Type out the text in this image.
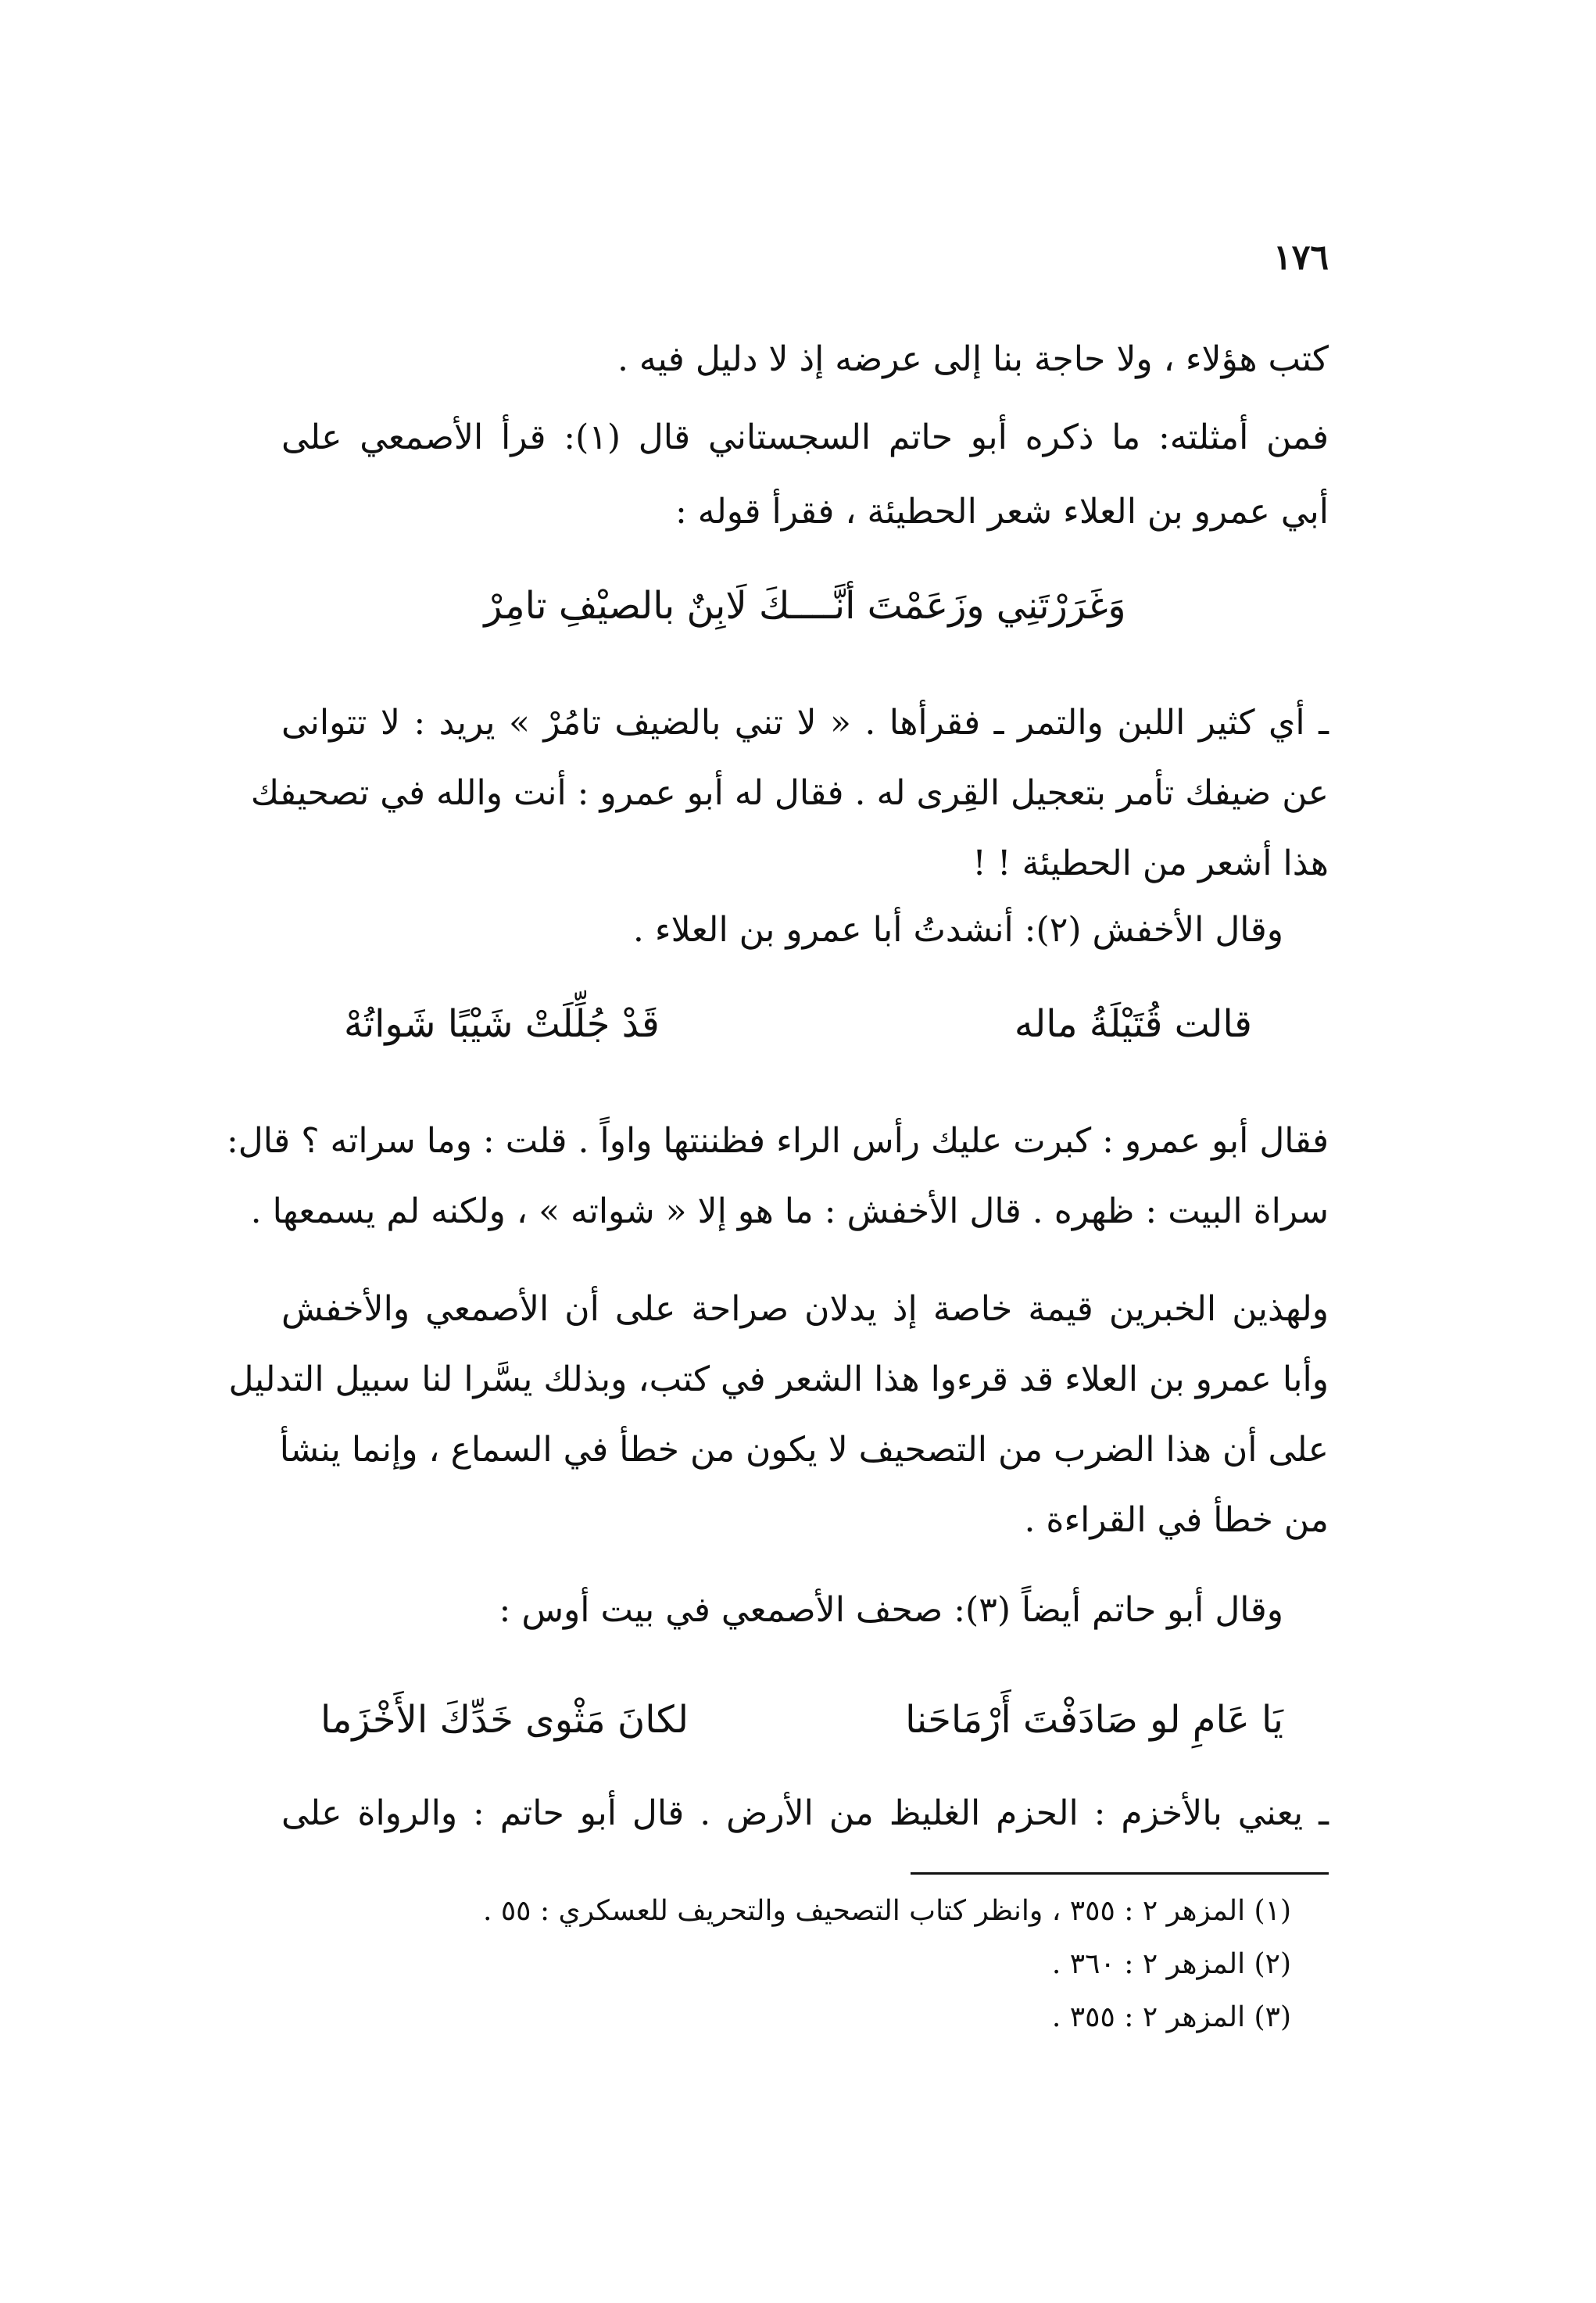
١٧٦
كتب هؤلاء ، ولا حاجة بنا إلى عرضه إذ لا دليل فيه .
فمن أمثلته: ما ذكره أبو حاتم السجستاني قال (١): قرأ الأصمعي على
أبي عمرو بن العلاء شعر الحطيئة ، فقرأ قوله :
وَغَرَرْتَنِي وزَعَمْتَ أنَّــــكَ لَابِنٌ بالصيْفِ تامِرْ
ـ أي كثير اللبن والتمر ـ فقرأها . « لا تني بالضيف تامُرْ » يريد : لا تتوانى
عن ضيفك تأمر بتعجيل القِرى له . فقال له أبو عمرو : أنت والله في تصحيفك
هذا أشعر من الحطيئة ! !
وقال الأخفش (٢): أنشدتُ أبا عمرو بن العلاء .
قالت قُتَيْلَةُ ماله
قَدْ جُلِّلَتْ شَيْبًا شَواتُهْ
فقال أبو عمرو : كبرت عليك رأس الراء فظننتها واواً . قلت : وما سراته ؟ قال:
سراة البيت : ظهره . قال الأخفش : ما هو إلا « شواته » ، ولكنه لم يسمعها .
ولهذين الخبرين قيمة خاصة إذ يدلان صراحة على أن الأصمعي والأخفش
وأبا عمرو بن العلاء قد قرءوا هذا الشعر في كتب، وبذلك يسَّرا لنا سبيل التدليل
على أن هذا الضرب من التصحيف لا يكون من خطأ في السماع ، وإنما ينشأ
من خطأ في القراءة .
وقال أبو حاتم أيضاً (٣): صحف الأصمعي في بيت أوس :
يَا عَامِ لو صَادَفْتَ أَرْمَاحَنا
لكانَ مَثْوى خَدِّكَ الأَخْزَما
ـ يعني بالأخزم : الحزم الغليظ من الأرض . قال أبو حاتم : والرواة على
(١) المزهر ٢ : ٣٥٥ ، وانظر كتاب التصحيف والتحريف للعسكري : ٥٥ .
(٢) المزهر ٢ : ٣٦٠ .
(٣) المزهر ٢ : ٣٥٥ .
